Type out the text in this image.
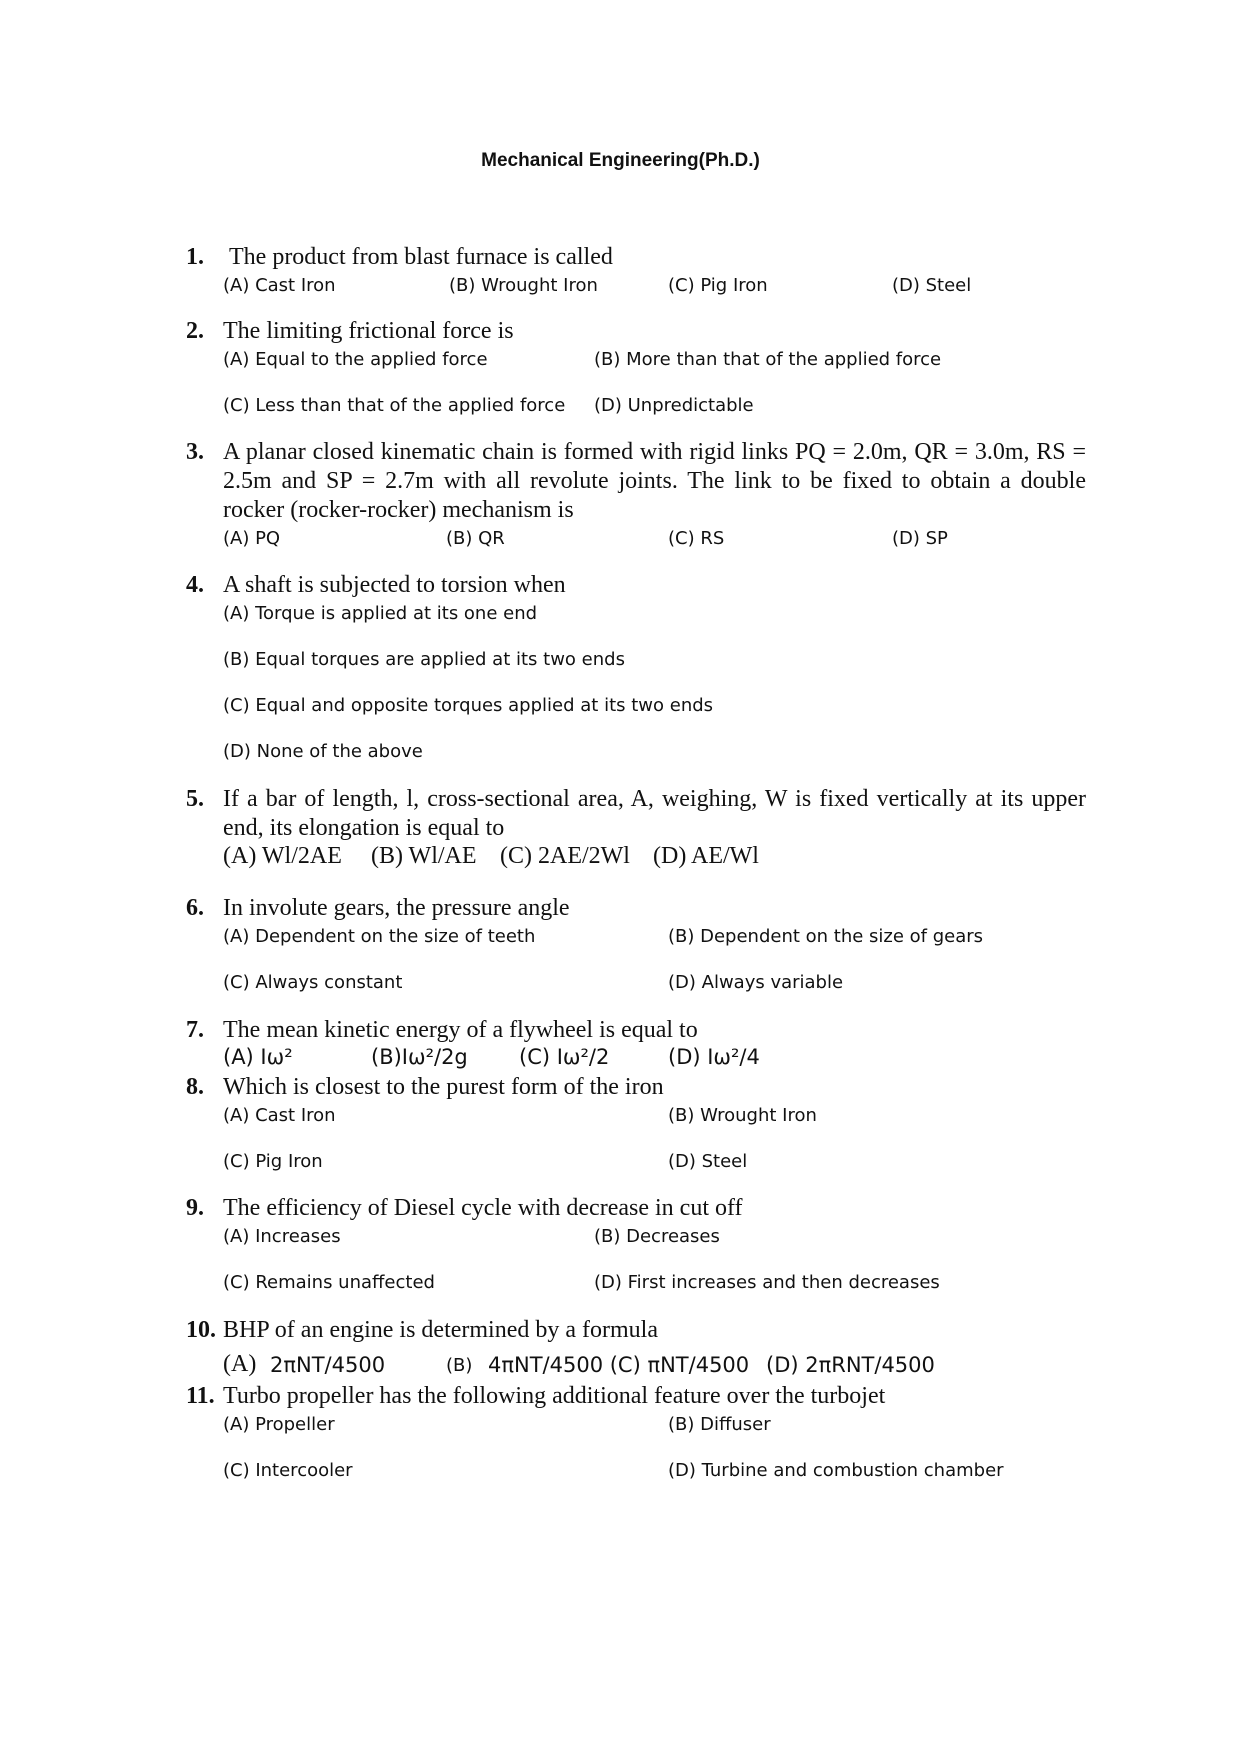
Mechanical Engineering(Ph.D.)
1.	The product from blast furnace is called
(A) Cast Iron	(B) Wrought Iron	(C) Pig Iron	(D) Steel
2. The limiting frictional force is
(A) Equal to the applied force	(B) More than that of the applied force
(C) Less than that of the applied force (D) Unpredictable
3. A planar closed kinematic chain is formed with rigid links PQ = 2.0m, QR = 3.0m, RS = 2.5m and SP = 2.7m with all revolute joints. The link to be fixed to obtain a double rocker (rocker-rocker) mechanism is
(A) PQ	(B) QR	(C) RS	(D) SP
4. A shaft is subjected to torsion when
(A) Torque is applied at its one end
(B) Equal torques are applied at its two ends
(C) Equal and opposite torques applied at its two ends
(D) None of the above
5. If a bar of length, l, cross-sectional area, A, weighing, W is fixed vertically at its upper end, its elongation is equal to
(A) Wl/2AE (B) Wl/AE (C) 2AE/2Wl (D) AE/Wl
6. In involute gears, the pressure angle
(A) Dependent on the size of teeth	(B) Dependent on the size of gears
(C) Always constant	(D) Always variable
7. The mean kinetic energy of a flywheel is equal to
(A) Iω²	(B)Iω²/2g (C) Iω²/2	(D) Iω²/4
8. Which is closest to the purest form of the iron
(A) Cast Iron	(B) Wrought Iron
(C) Pig Iron	(D) Steel
9. The efficiency of Diesel cycle with decrease in cut off
(A) Increases	(B) Decreases
(C) Remains unaffected	(D) First increases and then decreases
10. BHP of an engine is determined by a formula
(A) 2πNT/4500	(B) 4πNT/4500 (C) πNT/4500 (D) 2πRNT/4500
11. Turbo propeller has the following additional feature over the turbojet
(A) Propeller	(B) Diffuser
(C) Intercooler	(D) Turbine and combustion chamber
